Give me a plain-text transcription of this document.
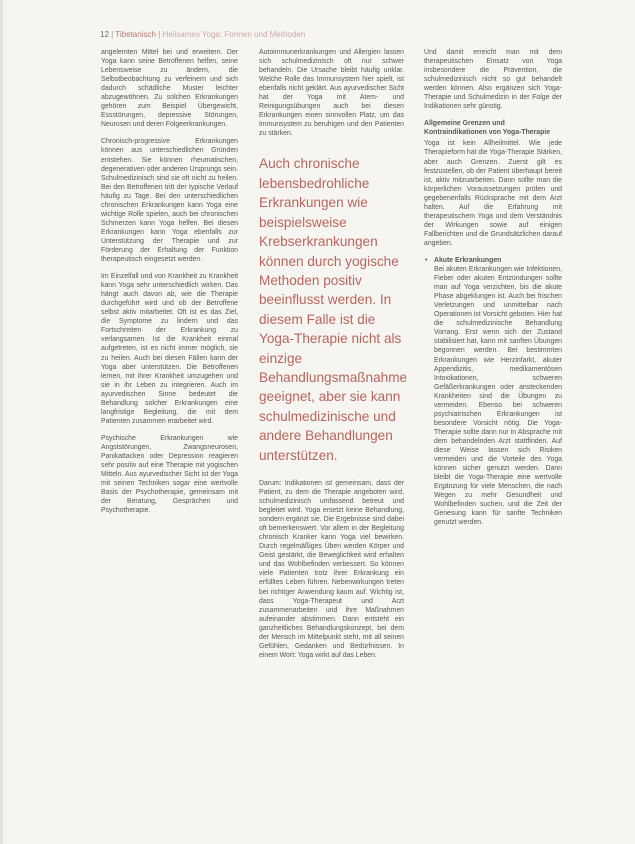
12 | Tibetanisch | Heilsames Yoga: Formen und Methoden

angelernten Mittel bei und erweitern. Der Yoga kann seine Betroffenen helfen, seine Lebensweise zu ändern, die Selbstbeobachtung zu verfeinern und sich dadurch schädliche Muster leichter abzugewöhnen. Zu solchen Erkrankungen gehören zum Beispiel Übergewicht, Essstörungen, depressive Störungen, Neurosen und deren Folgeerkrankungen.

Chronisch-progressive Erkrankungen können aus unterschiedlichen Gründen entstehen. Sie können rheumatischen, degenerativen oder anderen Ursprungs sein. Schulmedizinisch sind sie oft nicht zu heilen. Bei den Betroffenen tritt der typische Verlauf häufig zu Tage. Bei den unterschiedlichen chronischen Erkrankungen kann Yoga eine wichtige Rolle spielen, auch bei chronischen Schmerzen kann Yoga helfen. Bei diesen Erkrankungen kann Yoga ebenfalls zur Unterstützung der Therapie und zur Förderung der Erhaltung der Funktion therapeutisch eingesetzt werden.

Im Einzelfall und von Krankheit zu Krankheit kann Yoga sehr unterschiedlich wirken. Das hängt auch davon ab, wie die Therapie durchgeführt wird und ob der Betroffene selbst aktiv mitarbeitet. Oft ist es das Ziel, die Symptome zu lindern und das Fortschreiten der Erkrankung zu verlangsamen. Ist die Krankheit einmal aufgetreten, ist es nicht immer möglich, sie zu heilen. Auch bei diesen Fällen kann der Yoga aber unterstützen. Die Betroffenen lernen, mit ihrer Krankheit umzugehen und sie in ihr Leben zu integrieren. Auch im ayurvedischen Sinne bedeutet die Behandlung solcher Erkrankungen eine langfristige Begleitung, die mit dem Patienten zusammen erarbeitet wird.

Psychische Erkrankungen wie Angststörungen, Zwangsneurosen, Panikattacken oder Depression reagieren sehr positiv auf eine Therapie mit yogischen Mitteln. Aus ayurvedischer Sicht ist der Yoga mit seinen Techniken sogar eine wertvolle Basis der Psychotherapie, gemeinsam mit der Beratung, Gesprächen und Psychotherapie.

Autoimmunerkrankungen und Allergien lassen sich schulmedizinisch oft nur schwer behandeln. Die Ursache bleibt häufig unklar. Welche Rolle das Immunsystem hier spielt, ist ebenfalls nicht geklärt. Aus ayurvedischer Sicht hat der Yoga mit Atem- und Reinigungsübungen auch bei diesen Erkrankungen einen sinnvollen Platz, um das Immunsystem zu beruhigen und den Patienten zu stärken.

Auch chronische lebensbedrohliche Erkrankungen wie beispielsweise Krebserkrankungen können durch yogische Methoden positiv beeinflusst werden. In diesem Falle ist die Yoga-Therapie nicht als einzige Behandlungsmaßnahme geeignet, aber sie kann schulmedizinische und andere Behandlungen unterstützen.

Darum: Indikationen ist gemeinsam, dass der Patient, zu dem die Therapie angeboten wird, schulmedizinisch umfassend betreut und begleitet wird. Yoga ersetzt keine Behandlung, sondern ergänzt sie. Die Ergebnisse sind dabei oft bemerkenswert. Vor allem in der Begleitung chronisch Kranker kann Yoga viel bewirken. Durch regelmäßiges Üben werden Körper und Geist gestärkt, die Beweglichkeit wird erhalten und das Wohlbefinden verbessert. So können viele Patienten trotz ihrer Erkrankung ein erfülltes Leben führen. Nebenwirkungen treten bei richtiger Anwendung kaum auf. Wichtig ist, dass Yoga-Therapeut und Arzt zusammenarbeiten und ihre Maßnahmen aufeinander abstimmen. Dann entsteht ein ganzheitliches Behandlungskonzept, bei dem der Mensch im Mittelpunkt steht, mit all seinen Gefühlen, Gedanken und Bedürfnissen. In einem Wort: Yoga wirkt auf das Leben.

Und damit erreicht man mit dem therapeutischen Einsatz von Yoga insbesondere die Prävention, die schulmedizinisch nicht so gut behandelt werden können. Also ergänzen sich Yoga-Therapie und Schulmedizin in der Folge der Indikationen sehr günstig.

Allgemeine Grenzen und Kontraindikationen von Yoga-Therapie

Yoga ist kein Allheilmittel. Wie jede Therapieform hat die Yoga-Therapie Stärken, aber auch Grenzen. Zuerst gilt es festzustellen, ob der Patient überhaupt bereit ist, aktiv mitzuarbeiten. Dann sollte man die körperlichen Voraussetzungen prüfen und gegebenenfalls Rücksprache mit dem Arzt halten. Auf die Erfahrung mit therapeutischem Yoga und dem Verständnis der Wirkungen sowie auf einigen Fallberichten und die Grundsätzlichen darauf angeben.

• Akute Erkrankungen
Bei akuten Erkrankungen wie Infektionen, Fieber oder akuten Entzündungen sollte man auf Yoga verzichten, bis die akute Phase abgeklungen ist. Auch bei frischen Verletzungen und unmittelbar nach Operationen ist Vorsicht geboten. Hier hat die schulmedizinische Behandlung Vorrang. Erst wenn sich der Zustand stabilisiert hat, kann mit sanften Übungen begonnen werden. Bei bestimmten Erkrankungen wie Herzinfarkt, akuter Appendizitis, medikamentösen Intoxikationen, schweren Gefäßerkrankungen oder ansteckenden Krankheiten sind die Übungen zu vermeiden. Ebenso bei schweren psychiatrischen Erkrankungen ist besondere Vorsicht nötig. Die Yoga-Therapie sollte dann nur in Absprache mit dem behandelnden Arzt stattfinden. Auf diese Weise lassen sich Risiken vermeiden und die Vorteile des Yoga können sicher genutzt werden. Dann bleibt die Yoga-Therapie eine wertvolle Ergänzung für viele Menschen, die nach Wegen zu mehr Gesundheit und Wohlbefinden suchen, und die Zeit der Genesung kann für sanfte Techniken genutzt werden.
